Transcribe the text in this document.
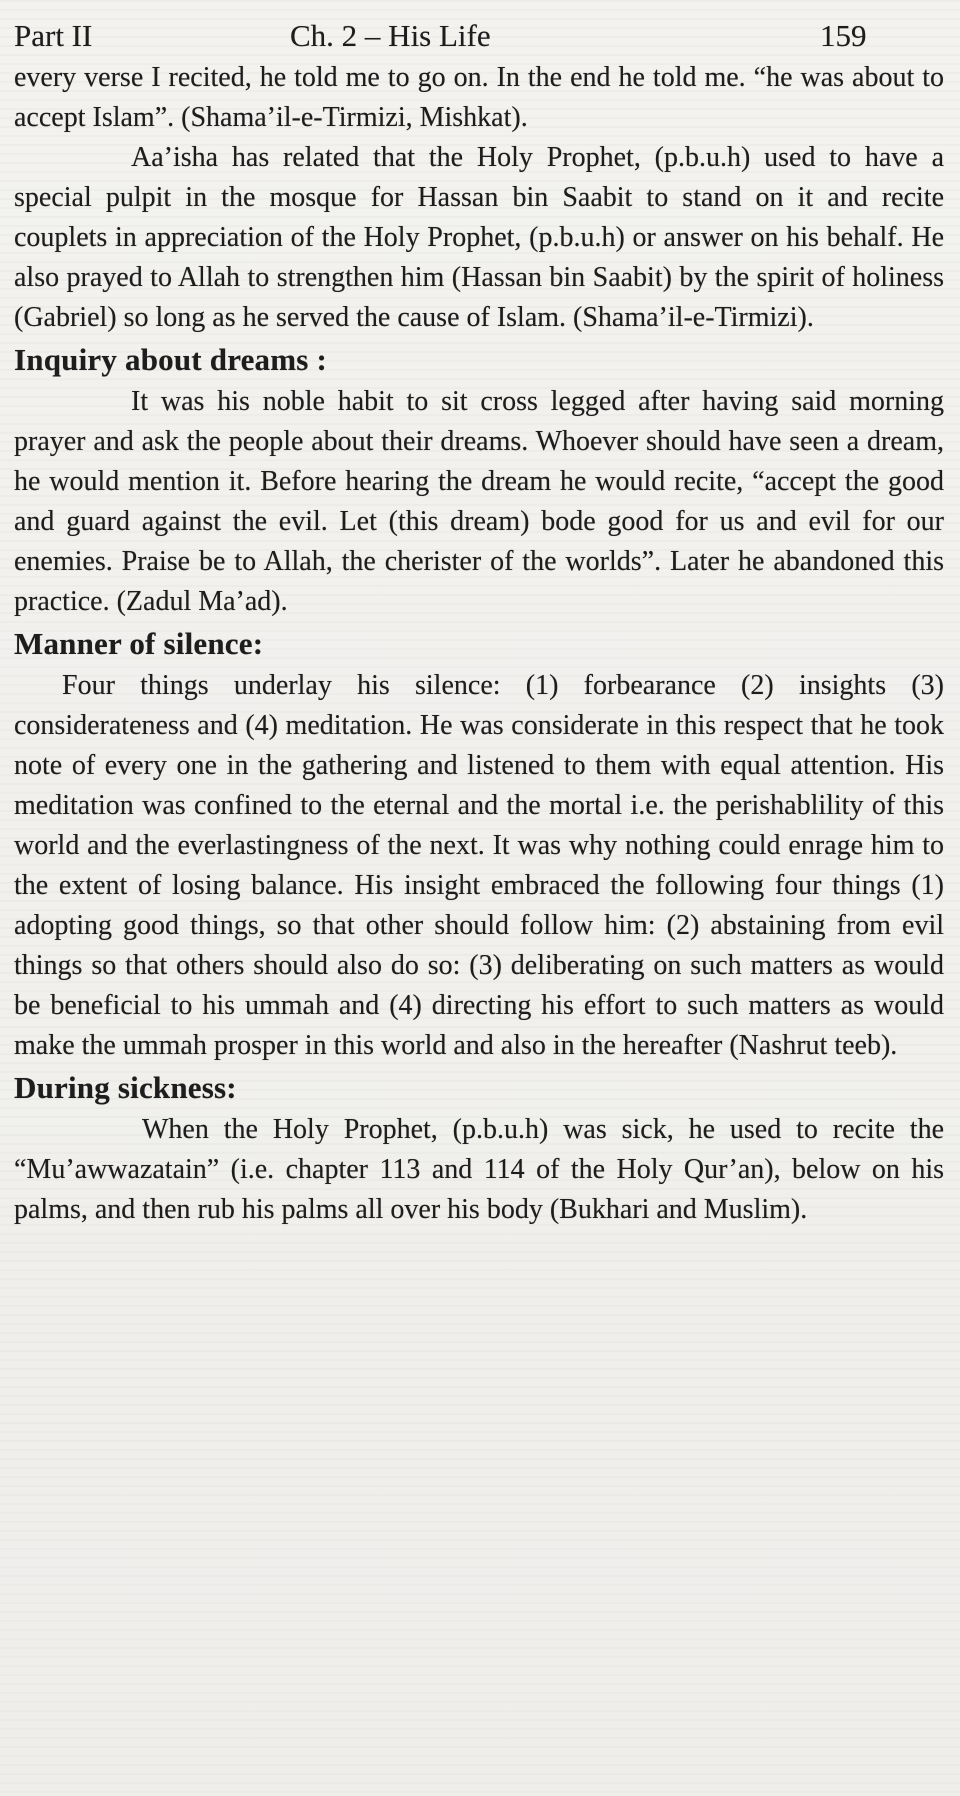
Part II	Ch. 2 – His Life	159

every verse I recited, he told me to go on. In the end he told me. “he was about to accept Islam”. (Shama’il-e-Tirmizi, Mishkat).

Aa’isha has related that the Holy Prophet, (p.b.u.h) used to have a special pulpit in the mosque for Hassan bin Saabit to stand on it and recite couplets in appreciation of the Holy Prophet, (p.b.u.h) or answer on his behalf. He also prayed to Allah to strengthen him (Hassan bin Saabit) by the spirit of holiness (Gabriel) so long as he served the cause of Islam. (Shama’il-e-Tirmizi).

Inquiry about dreams :

It was his noble habit to sit cross legged after having said morning prayer and ask the people about their dreams. Whoever should have seen a dream, he would mention it. Before hearing the dream he would recite, “accept the good and guard against the evil. Let (this dream) bode good for us and evil for our enemies. Praise be to Allah, the cherister of the worlds”. Later he abandoned this practice. (Zadul Ma’ad).

Manner of silence:

Four things underlay his silence: (1) forbearance (2) insights (3) considerateness and (4) meditation. He was considerate in this respect that he took note of every one in the gathering and listened to them with equal attention. His meditation was confined to the eternal and the mortal i.e. the perishablility of this world and the everlastingness of the next. It was why nothing could enrage him to the extent of losing balance. His insight embraced the following four things (1) adopting good things, so that other should follow him: (2) abstaining from evil things so that others should also do so: (3) deliberating on such matters as would be beneficial to his ummah and (4) directing his effort to such matters as would make the ummah prosper in this world and also in the hereafter (Nashrut teeb).

During sickness:

When the Holy Prophet, (p.b.u.h) was sick, he used to recite the “Mu’awwazatain” (i.e. chapter 113 and 114 of the Holy Qur’an), below on his palms, and then rub his palms all over his body (Bukhari and Muslim).
